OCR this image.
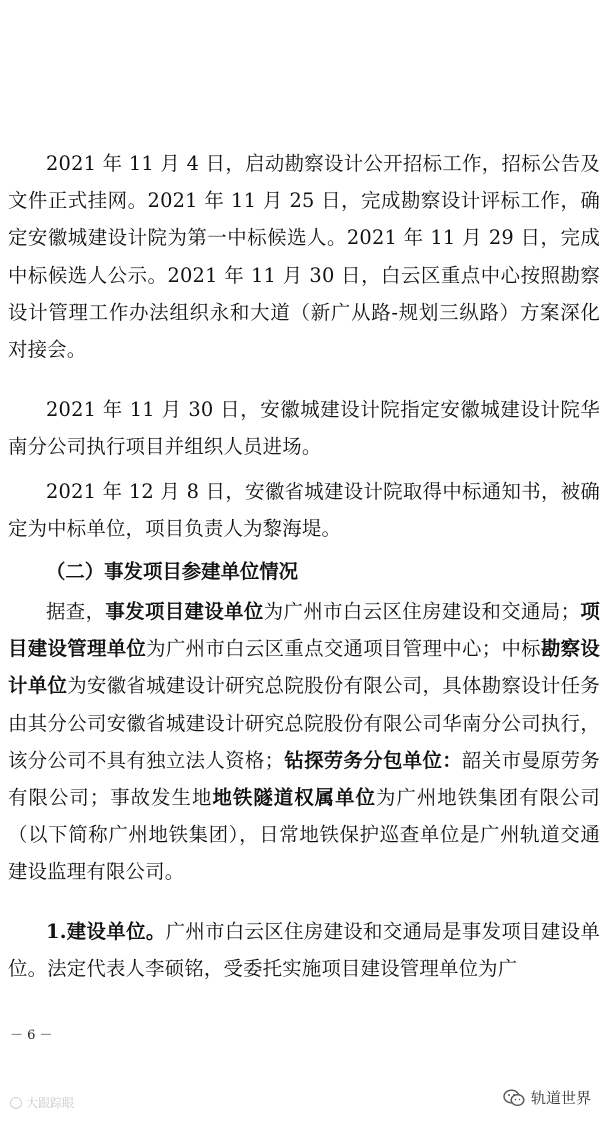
2021 年 11 月 4 日，启动勘察设计公开招标工作，招标公告及文件正式挂网。2021 年 11 月 25 日，完成勘察设计评标工作，确定安徽城建设计院为第一中标候选人。2021 年 11 月 29 日，完成中标候选人公示。2021 年 11 月 30 日，白云区重点中心按照勘察设计管理工作办法组织永和大道（新广从路-规划三纵路）方案深化对接会。
2021 年 11 月 30 日，安徽城建设计院指定安徽城建设计院华南分公司执行项目并组织人员进场。
2021 年 12 月 8 日，安徽省城建设计院取得中标通知书，被确定为中标单位，项目负责人为黎海堤。
（二）事发项目参建单位情况
据查，事发项目建设单位为广州市白云区住房建设和交通局；项目建设管理单位为广州市白云区重点交通项目管理中心；中标勘察设计单位为安徽省城建设计研究总院股份有限公司，具体勘察设计任务由其分公司安徽省城建设计研究总院股份有限公司华南分公司执行，该分公司不具有独立法人资格；钻探劳务分包单位：韶关市曼原劳务有限公司；事故发生地地铁隧道权属单位为广州地铁集团有限公司（以下简称广州地铁集团），日常地铁保护巡查单位是广州轨道交通建设监理有限公司。
1.建设单位。广州市白云区住房建设和交通局是事发项目建设单位。法定代表人李硕铭，受委托实施项目建设管理单位为广
－ 6 －
大跟踪眼	轨道世界
